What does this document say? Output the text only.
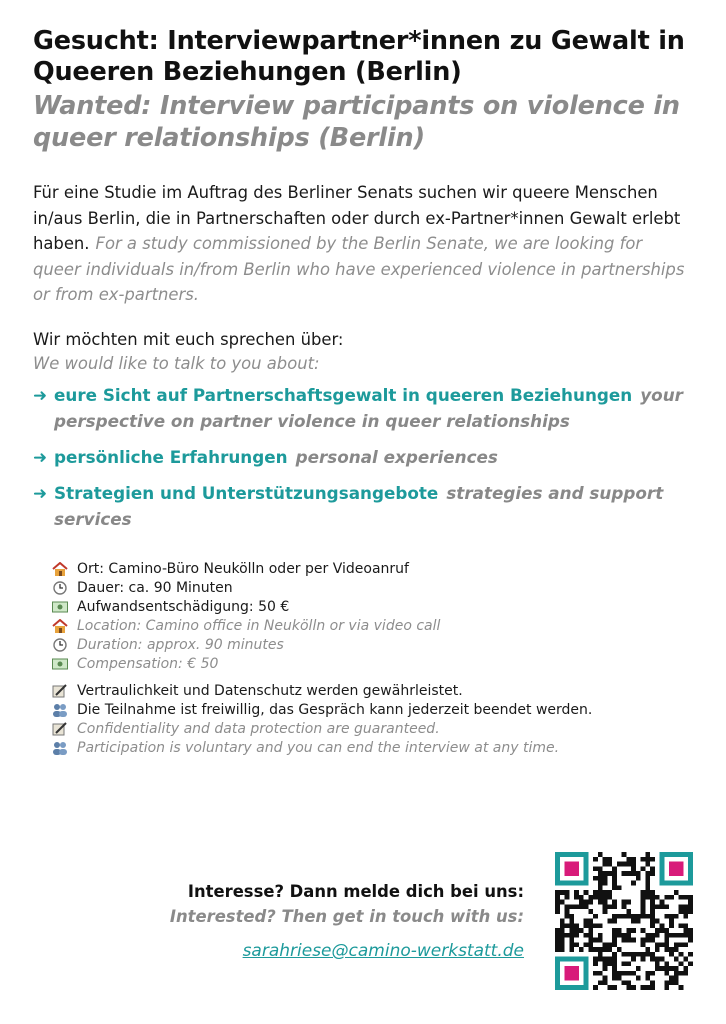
Gesucht: Interviewpartner*innen zu Gewalt in Queeren Beziehungen (Berlin)
Wanted: Interview participants on violence in queer relationships (Berlin)
Für eine Studie im Auftrag des Berliner Senats suchen wir queere Menschen in/aus Berlin, die in Partnerschaften oder durch ex-Partner*innen Gewalt erlebt haben. For a study commissioned by the Berlin Senate, we are looking for queer individuals in/from Berlin who have experienced violence in partnerships or from ex-partners.
Wir möchten mit euch sprechen über:
We would like to talk to you about:
➜ eure Sicht auf Partnerschaftsgewalt in queeren Beziehungen your perspective on partner violence in queer relationships
➜ persönliche Erfahrungen personal experiences
➜ Strategien und Unterstützungsangebote strategies and support services
Ort: Camino-Büro Neukölln oder per Videoanruf
Dauer: ca. 90 Minuten
Aufwandsentschädigung: 50 €
Location: Camino office in Neukölln or via video call
Duration: approx. 90 minutes
Compensation: € 50
Vertraulichkeit und Datenschutz werden gewährleistet.
Die Teilnahme ist freiwillig, das Gespräch kann jederzeit beendet werden.
Confidentiality and data protection are guaranteed.
Participation is voluntary and you can end the interview at any time.
Interesse? Dann melde dich bei uns:
Interested? Then get in touch with us:
sarahriese@camino-werkstatt.de
